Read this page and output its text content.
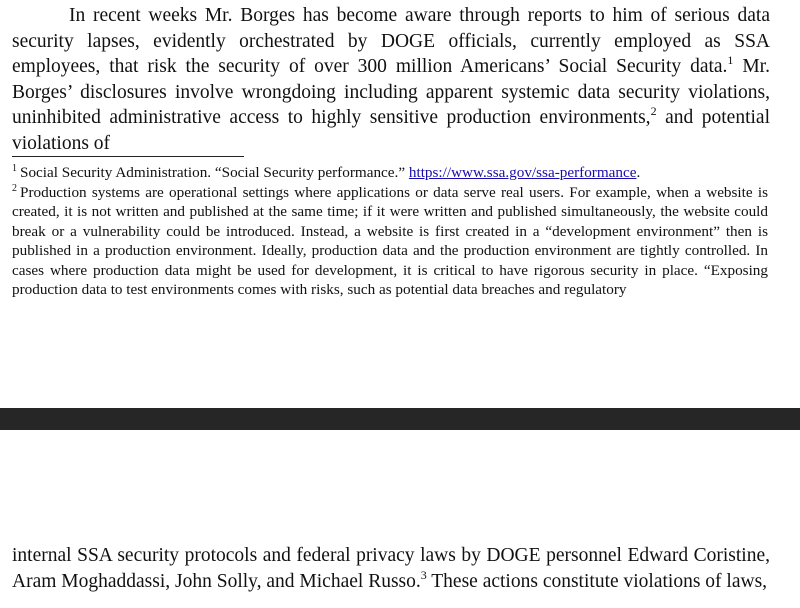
In recent weeks Mr. Borges has become aware through reports to him of serious data security lapses, evidently orchestrated by DOGE officials, currently employed as SSA employees, that risk the security of over 300 million Americans’ Social Security data.$^1$ Mr. Borges’ disclosures involve wrongdoing including apparent systemic data security violations, uninhibited administrative access to highly sensitive production environments,$^2$ and potential violations of

$^1$ Social Security Administration. “Social Security performance.” https://www.ssa.gov/ssa-performance.

$^2$ Production systems are operational settings where applications or data serve real users. For example, when a website is created, it is not written and published at the same time; if it were written and published simultaneously, the website could break or a vulnerability could be introduced. Instead, a website is first created in a “development environment” then is published in a production environment. Ideally, production data and the production environment are tightly controlled. In cases where production data might be used for development, it is critical to have rigorous security in place. “Exposing production data to test environments comes with risks, such as potential data breaches and regulatory

internal SSA security protocols and federal privacy laws by DOGE personnel Edward Coristine, Aram Moghaddassi, John Solly, and Michael Russo.$^3$ These actions constitute violations of laws,
